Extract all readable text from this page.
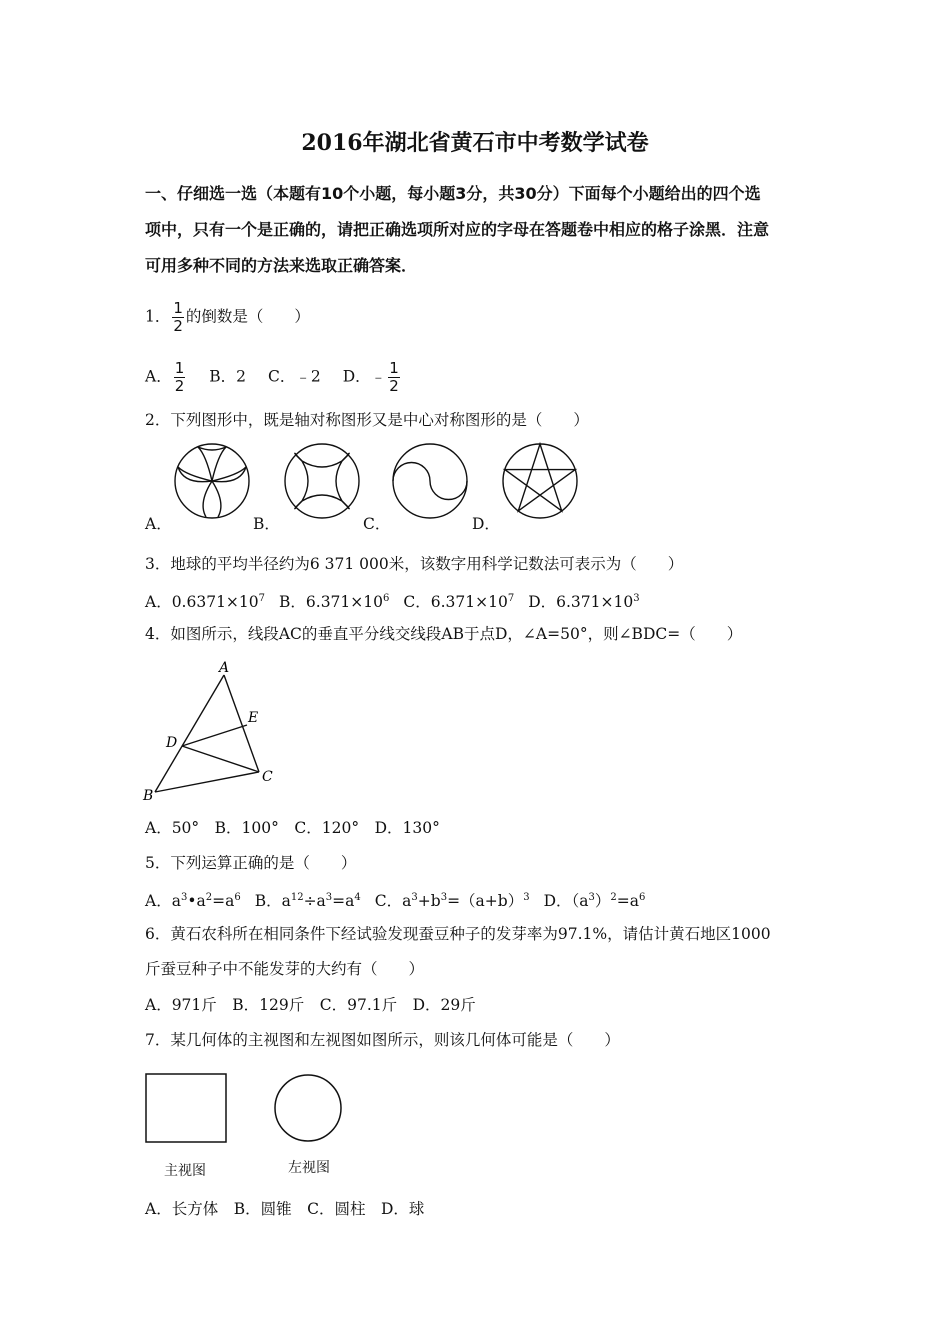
2016年湖北省黄石市中考数学试卷
一、仔细选一选（本题有10个小题，每小题3分，共30分）下面每个小题给出的四个选
项中，只有一个是正确的，请把正确选项所对应的字母在答题卷中相应的格子涂黑．注意
可用多种不同的方法来选取正确答案．
1． $\frac{1}{2}$ 的倒数是（　　）
A． $\frac{1}{2}$ B．2 C．﹣2 D．﹣ $\frac{1}{2}$
2．下列图形中，既是轴对称图形又是中心对称图形的是（　　）
A．	B．	C．	D．
3．地球的平均半径约为6 371 000米，该数字用科学记数法可表示为（　　）
A．$0.6371\times 10^7$ B．$6.371\times 10^6$ C．$6.371\times 10^7$ D．$6.371\times 10^3$
4．如图所示，线段AC的垂直平分线交线段AB于点D，∠A=50°，则∠BDC=（　　）
A
B
C
D
E
A．50°　B．100°　C．120°　D．130°
5．下列运算正确的是（　　）
A．$a^3•a^2=a^6$ B．$a^{12}\div a^3=a^4$ C．$a^3+b^3=(a+b)^3$ D．$(a^3)^2=a^6$
6．黄石农科所在相同条件下经试验发现蚕豆种子的发芽率为97.1%，请估计黄石地区1000
斤蚕豆种子中不能发芽的大约有（　　）
A．971斤　B．129斤　C．97.1斤　D．29斤
7．某几何体的主视图和左视图如图所示，则该几何体可能是（　　）
主视图	左视图
A．长方体　B．圆锥　C．圆柱　D．球
